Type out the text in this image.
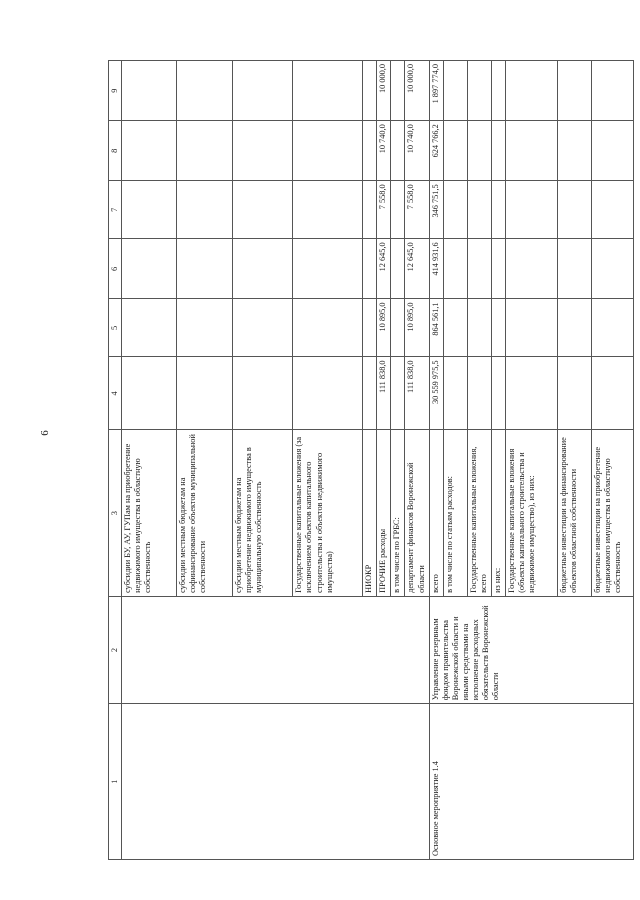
6
1	2	3	4	5	6	7	8	9
		субсидии БУ, АУ, ГУПам на приобретение недвижимого имущества в областную собственность						
		субсидии местным бюджетам на софинансирование объектов муниципальной собственности						
		субсидии местным бюджетам на приобретение недвижимого имущества в муниципальную собственность						
		Государственные капитальные вложения (за исключением объектов капитального строительства и объектов недвижимого имущества)						
		НИОКР						
		ПРОЧИЕ расходы	111 838,0	10 895,0	12 645,0	7 558,0	10 740,0	10 000,0
		в том числе по ГРБС:						
		департамент финансов Воронежской области	111 838,0	10 895,0	12 645,0	7 558,0	10 740,0	10 000,0
Основное мероприятие 1.4	Управление резервным фондом правительства Воронежской области и иными средствами на исполнение расходных обязательств Воронежской области	всего	30 559 975,5	864 561,1	414 931,6	346 751,5	624 766,2	1 897 774,0
		в том числе по статьям расходов:						
		Государственные капитальные вложения, всего						
		из них:						
		Государственные капитальные вложения (объекты капитального строительства и недвижимое имущество), из них:						
		бюджетные инвестиции на финансирование объектов областной собственности						
		бюджетные инвестиции на приобретение недвижимого имущества в областную собственность						
